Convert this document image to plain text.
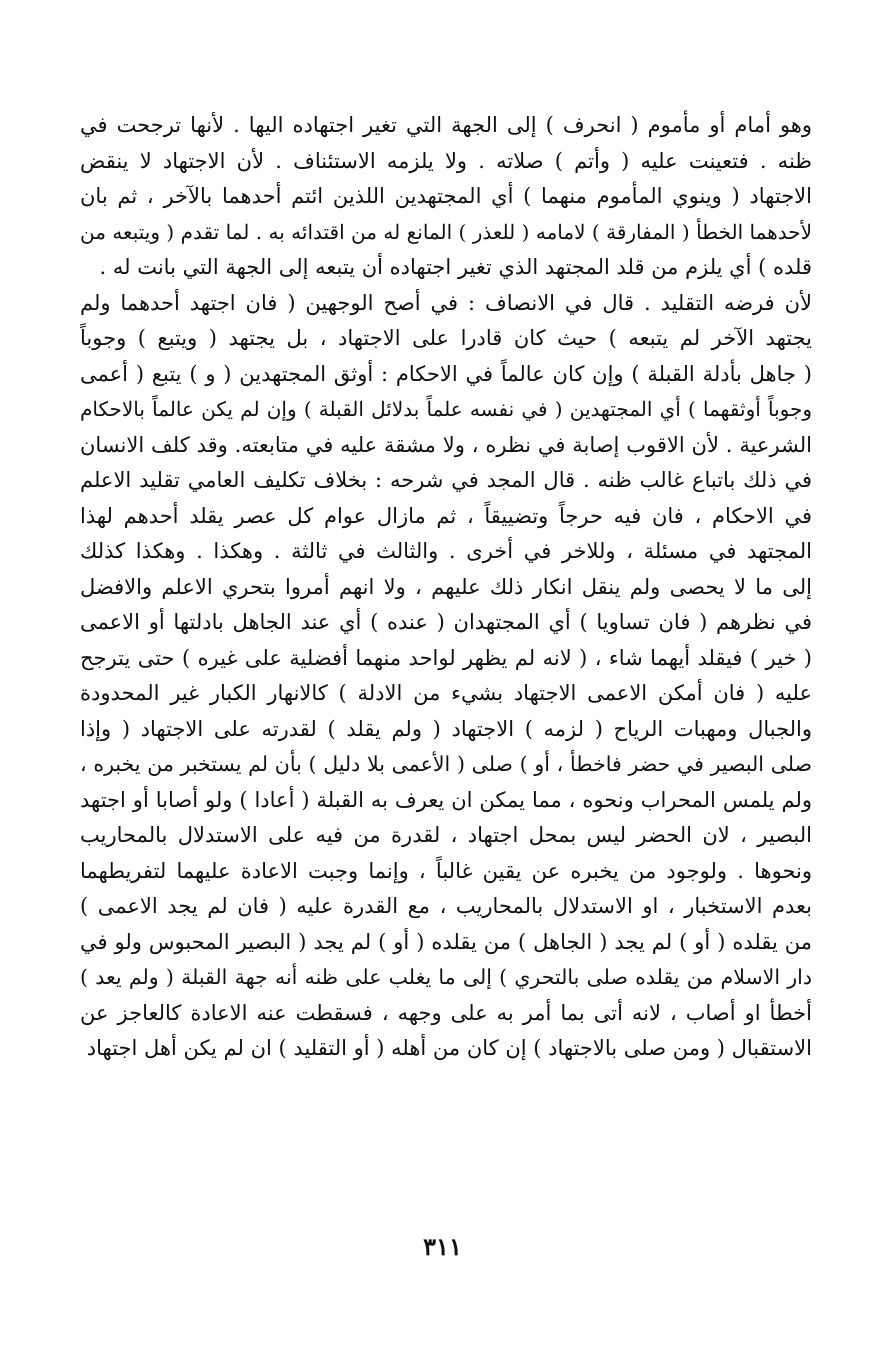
وهو أمام أو مأموم ( انحرف ) إلى الجهة التي تغير اجتهاده اليها . لأنها ترجحت في
ظنه . فتعينت عليه ( وأتم ) صلاته . ولا يلزمه الاستئناف . لأن الاجتهاد لا ينقض
الاجتهاد ( وينوي المأموم منهما ) أي المجتهدين اللذين ائتم أحدهما بالآخر ، ثم بان
لأحدهما الخطأ ( المفارقة ) لامامه ( للعذر ) المانع له من اقتدائه به . لما تقدم ( ويتبعه من
قلده ) أي يلزم من قلد المجتهد الذي تغير اجتهاده أن يتبعه إلى الجهة التي بانت له .
لأن فرضه التقليد . قال في الانصاف : في أصح الوجهين ( فان اجتهد أحدهما ولم
يجتهد الآخر لم يتبعه ) حيث كان قادرا على الاجتهاد ، بل يجتهد ( ويتبع ) وجوباً
( جاهل بأدلة القبلة ) وإن كان عالماً في الاحكام : أوثق المجتهدين ( و ) يتبع ( أعمى
وجوباً أوثقهما ) أي المجتهدين ( في نفسه علماً بدلائل القبلة ) وإن لم يكن عالماً بالاحكام
الشرعية . لأن الاقوب إصابة في نظره ، ولا مشقة عليه في متابعته. وقد كلف الانسان
في ذلك باتباع غالب ظنه . قال المجد في شرحه : بخلاف تكليف العامي تقليد الاعلم
في الاحكام ، فان فيه حرجاً وتضييقاً ، ثم مازال عوام كل عصر يقلد أحدهم لهذا
المجتهد في مسئلة ، وللاخر في أخرى . والثالث في ثالثة . وهكذا . وهكذا كذلك
إلى ما لا يحصى ولم ينقل انكار ذلك عليهم ، ولا انهم أمروا بتحري الاعلم والافضل
في نظرهم ( فان تساويا ) أي المجتهدان ( عنده ) أي عند الجاهل بادلتها أو الاعمى
( خير ) فيقلد أيهما شاء ، ( لانه لم يظهر لواحد منهما أفضلية على غيره ) حتى يترجح
عليه ( فان أمكن الاعمى الاجتهاد بشيء من الادلة ) كالانهار الكبار غير المحدودة
والجبال ومهبات الرياح ( لزمه ) الاجتهاد ( ولم يقلد ) لقدرته على الاجتهاد ( وإذا
صلى البصير في حضر فاخطأ ، أو ) صلى ( الأعمى بلا دليل ) بأن لم يستخبر من يخبره ،
ولم يلمس المحراب ونحوه ، مما يمكن ان يعرف به القبلة ( أعادا ) ولو أصابا أو اجتهد
البصير ، لان الحضر ليس بمحل اجتهاد ، لقدرة من فيه على الاستدلال بالمحاريب
ونحوها . ولوجود من يخبره عن يقين غالباً ، وإنما وجبت الاعادة عليهما لتفريطهما
بعدم الاستخبار ، او الاستدلال بالمحاريب ، مع القدرة عليه ( فان لم يجد الاعمى )
من يقلده ( أو ) لم يجد ( الجاهل ) من يقلده ( أو ) لم يجد ( البصير المحبوس ولو في
دار الاسلام من يقلده صلى بالتحري ) إلى ما يغلب على ظنه أنه جهة القبلة ( ولم يعد )
أخطأ او أصاب ، لانه أتى بما أمر به على وجهه ، فسقطت عنه الاعادة كالعاجز عن
الاستقبال ( ومن صلى بالاجتهاد ) إن كان من أهله ( أو التقليد ) ان لم يكن أهل اجتهاد
٣١١
